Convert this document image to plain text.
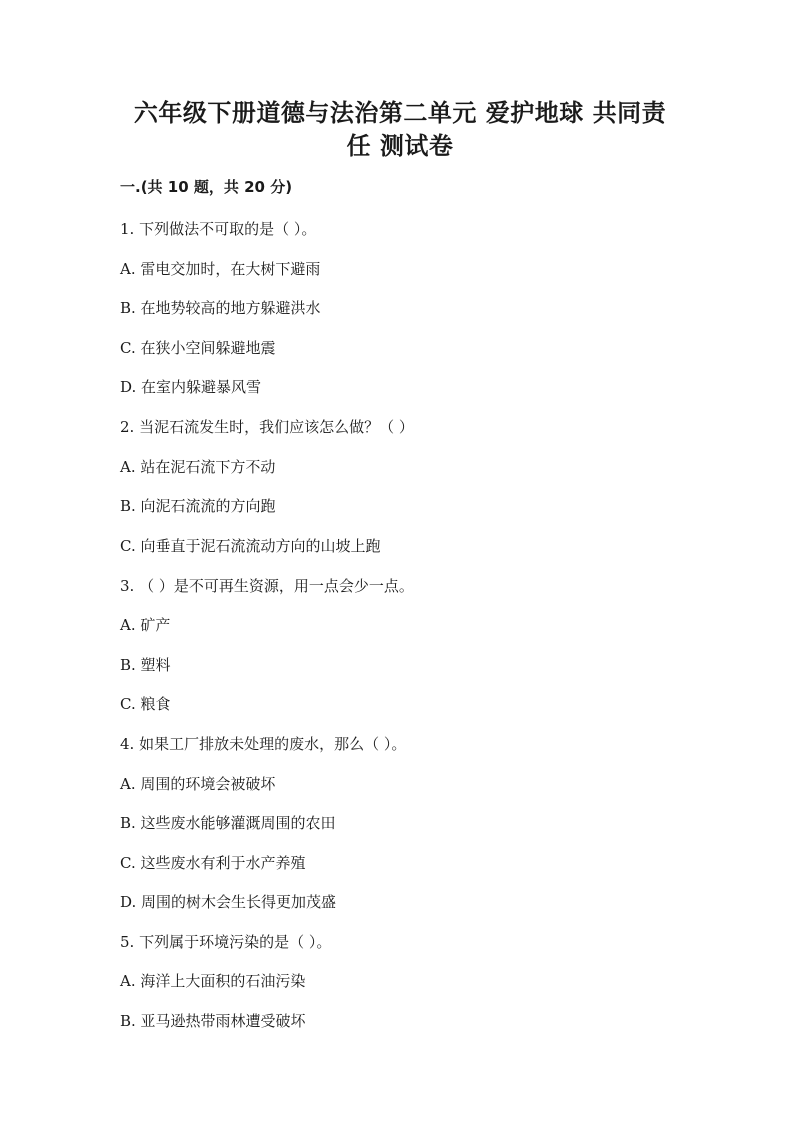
六年级下册道德与法治第二单元 爱护地球 共同责
任 测试卷
一.(共 10 题，共 20 分)
1. 下列做法不可取的是（ ）。
A. 雷电交加时，在大树下避雨
B. 在地势较高的地方躲避洪水
C. 在狭小空间躲避地震
D. 在室内躲避暴风雪
2. 当泥石流发生时，我们应该怎么做？（ ）
A. 站在泥石流下方不动
B. 向泥石流流的方向跑
C. 向垂直于泥石流流动方向的山坡上跑
3. （ ）是不可再生资源，用一点会少一点。
A. 矿产
B. 塑料
C. 粮食
4. 如果工厂排放未处理的废水，那么（ ）。
A. 周围的环境会被破坏
B. 这些废水能够灌溉周围的农田
C. 这些废水有利于水产养殖
D. 周围的树木会生长得更加茂盛
5. 下列属于环境污染的是（ ）。
A. 海洋上大面积的石油污染
B. 亚马逊热带雨林遭受破坏
